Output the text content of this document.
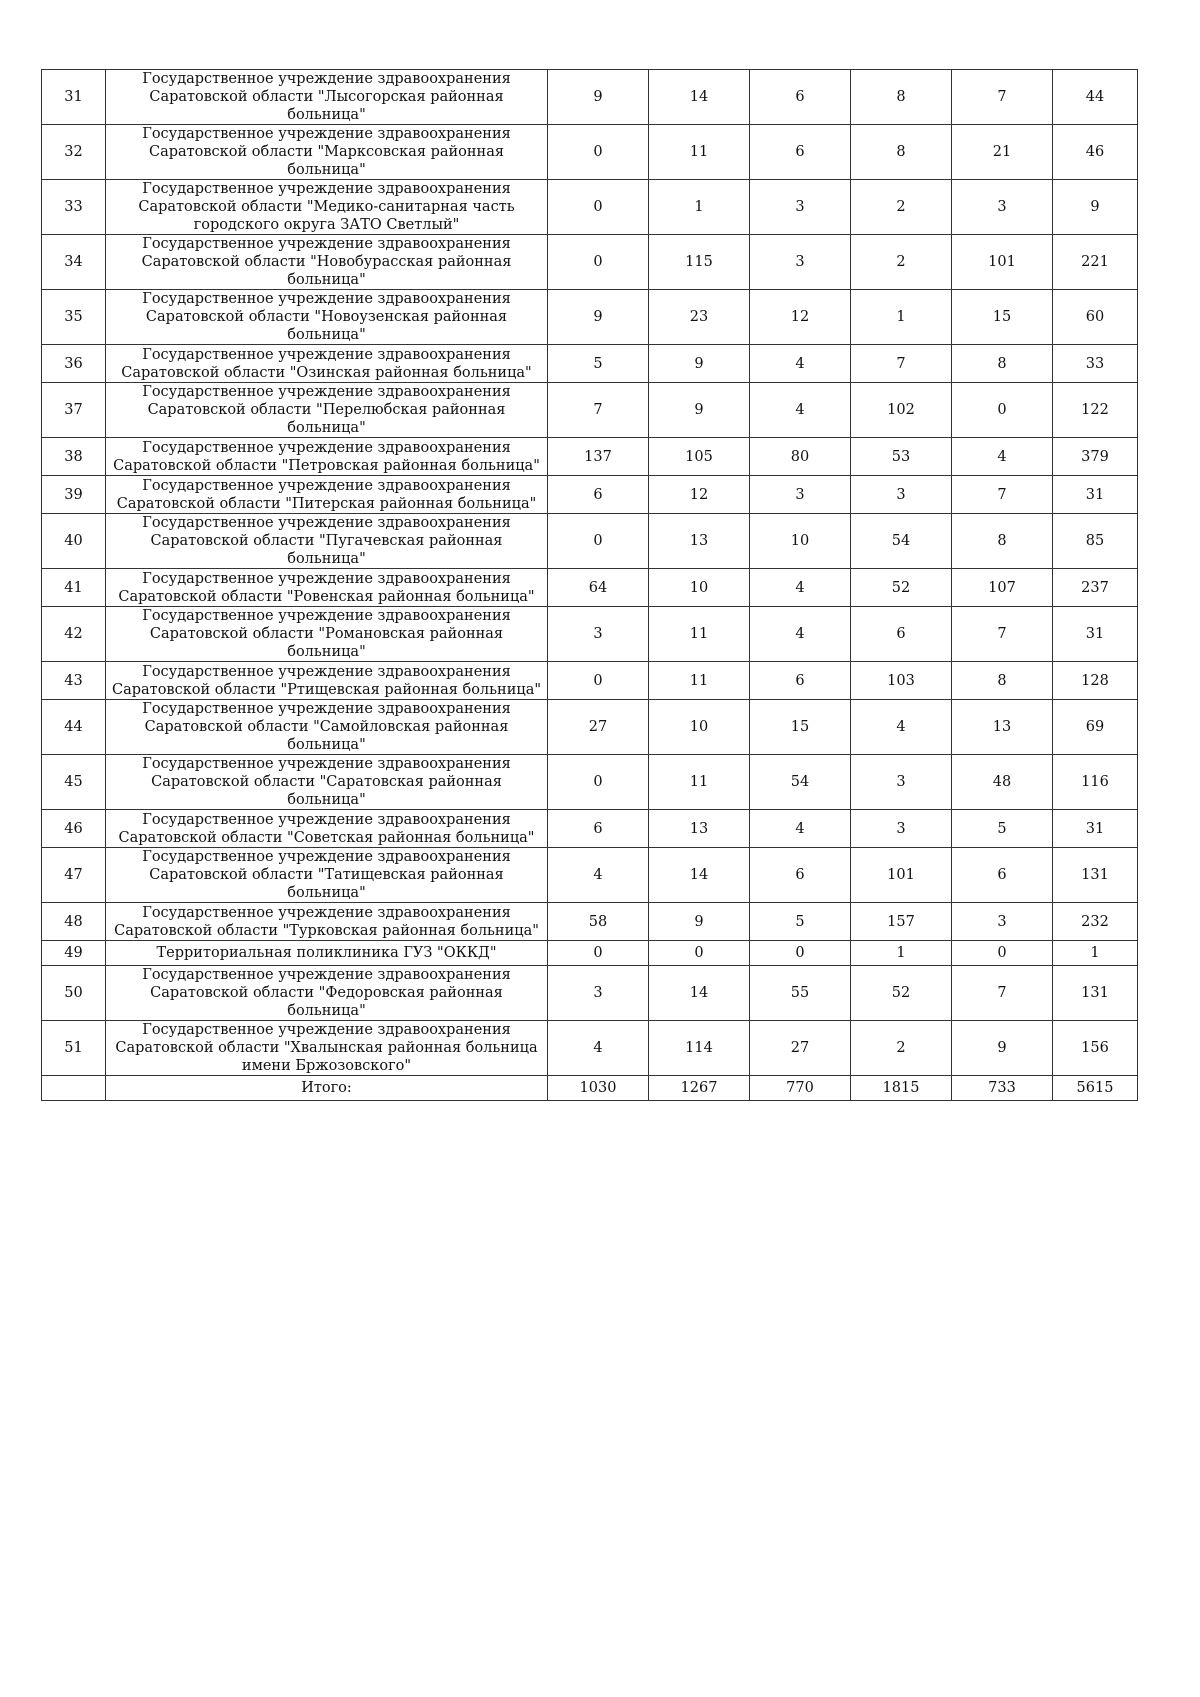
31	Государственное учреждение здравоохранения Саратовской области "Лысогорская районная больница"	9	14	6	8	7	44
32	Государственное учреждение здравоохранения Саратовской области "Марксовская районная больница"	0	11	6	8	21	46
33	Государственное учреждение здравоохранения Саратовской области "Медико-санитарная часть городского округа ЗАТО Светлый"	0	1	3	2	3	9
34	Государственное учреждение здравоохранения Саратовской области "Новобурасская районная больница"	0	115	3	2	101	221
35	Государственное учреждение здравоохранения Саратовской области "Новоузенская районная больница"	9	23	12	1	15	60
36	Государственное учреждение здравоохранения Саратовской области "Озинская районная больница"	5	9	4	7	8	33
37	Государственное учреждение здравоохранения Саратовской области "Перелюбская районная больница"	7	9	4	102	0	122
38	Государственное учреждение здравоохранения Саратовской области "Петровская районная больница"	137	105	80	53	4	379
39	Государственное учреждение здравоохранения Саратовской области "Питерская районная больница"	6	12	3	3	7	31
40	Государственное учреждение здравоохранения Саратовской области "Пугачевская районная больница"	0	13	10	54	8	85
41	Государственное учреждение здравоохранения Саратовской области "Ровенская районная больница"	64	10	4	52	107	237
42	Государственное учреждение здравоохранения Саратовской области "Романовская районная больница"	3	11	4	6	7	31
43	Государственное учреждение здравоохранения Саратовской области "Ртищевская районная больница"	0	11	6	103	8	128
44	Государственное учреждение здравоохранения Саратовской области "Самойловская районная больница"	27	10	15	4	13	69
45	Государственное учреждение здравоохранения Саратовской области "Саратовская районная больница"	0	11	54	3	48	116
46	Государственное учреждение здравоохранения Саратовской области "Советская районная больница"	6	13	4	3	5	31
47	Государственное учреждение здравоохранения Саратовской области "Татищевская районная больница"	4	14	6	101	6	131
48	Государственное учреждение здравоохранения Саратовской области "Турковская районная больница"	58	9	5	157	3	232
49	Территориальная поликлиника ГУЗ "ОККД"	0	0	0	1	0	1
50	Государственное учреждение здравоохранения Саратовской области "Федоровская районная больница"	3	14	55	52	7	131
51	Государственное учреждение здравоохранения Саратовской области "Хвалынская районная больница имени Бржозовского"	4	114	27	2	9	156
	Итого:	1030	1267	770	1815	733	5615
